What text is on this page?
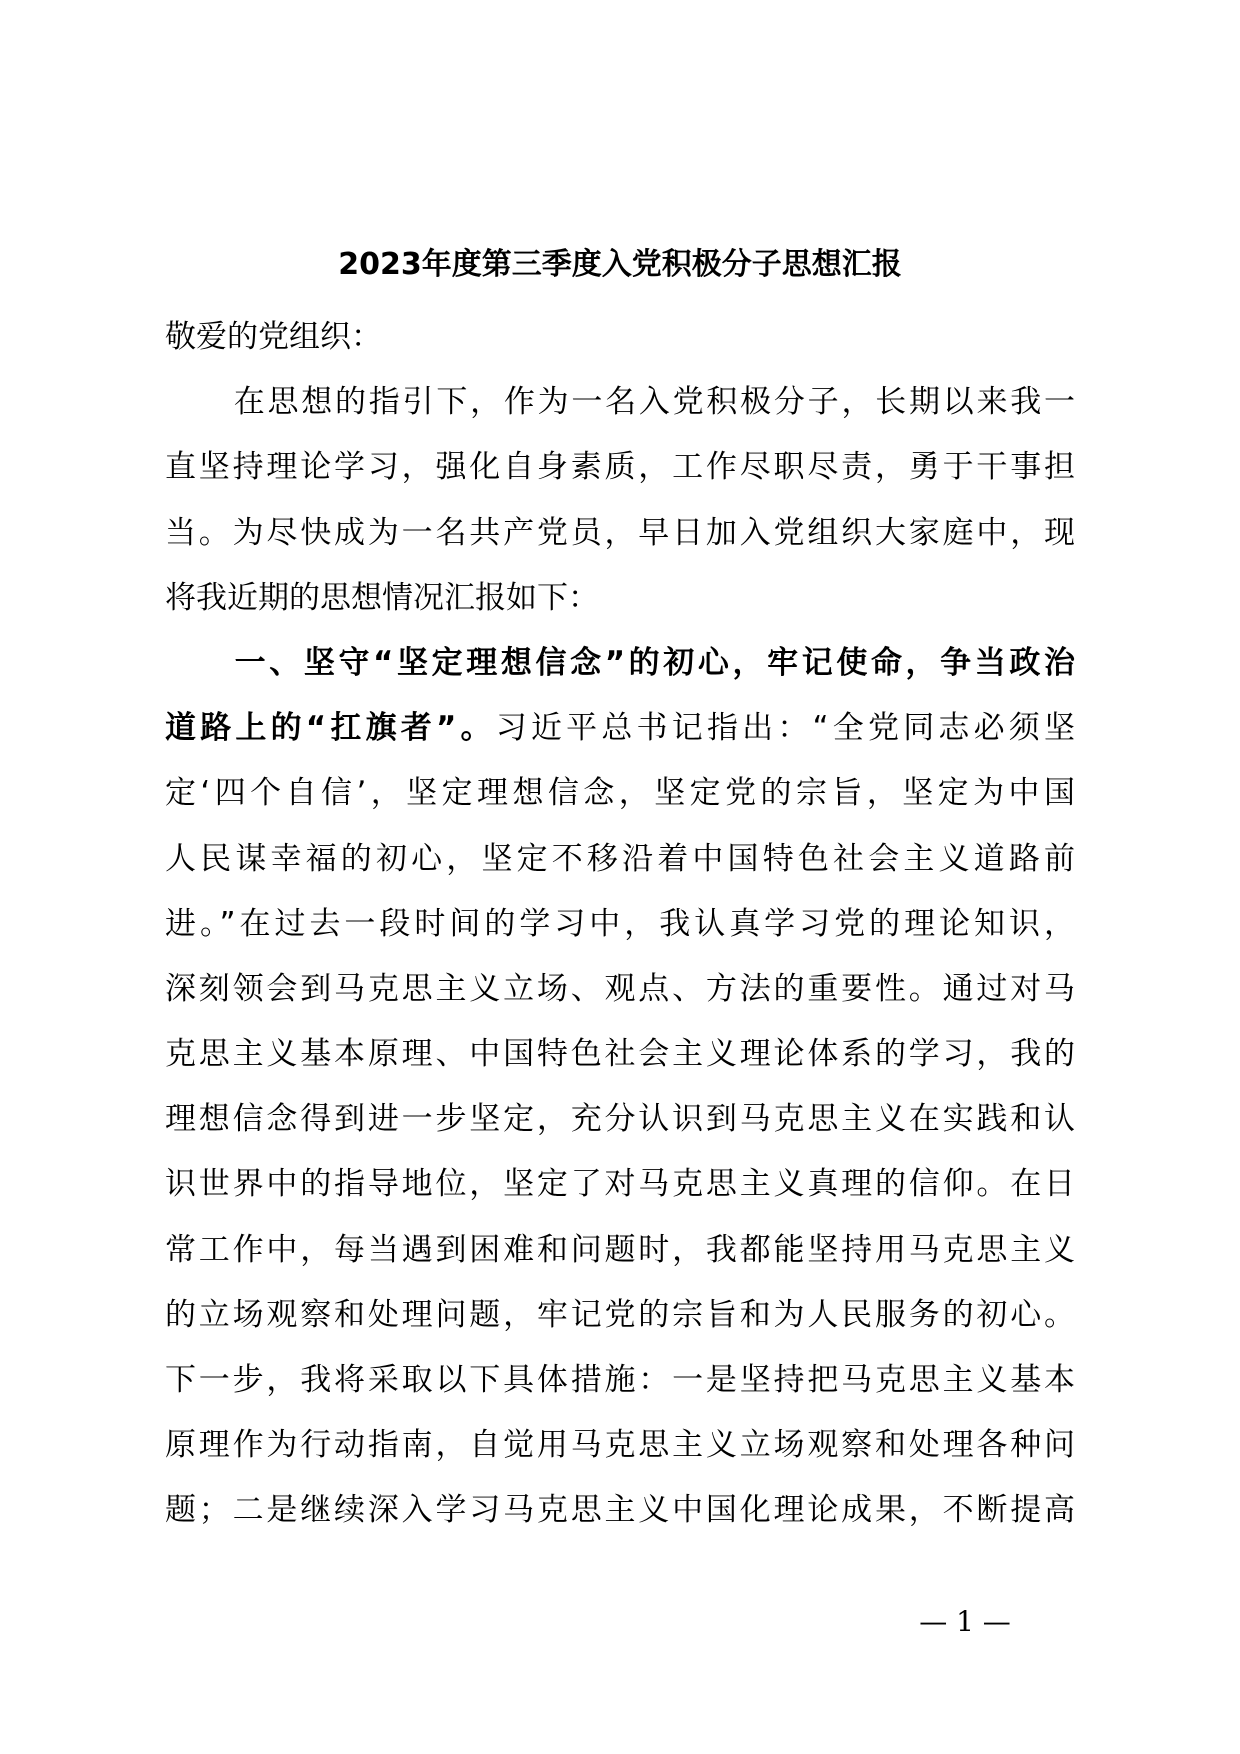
2023年度第三季度入党积极分子思想汇报
敬爱的党组织：
在思想的指引下，作为一名入党积极分子，长期以来我一
直坚持理论学习，强化自身素质，工作尽职尽责，勇于干事担
当。为尽快成为一名共产党员，早日加入党组织大家庭中，现
将我近期的思想情况汇报如下：
一、坚守“坚定理想信念”的初心，牢记使命，争当政治
道路上的“扛旗者”。习近平总书记指出：“全党同志必须坚
定‘四个自信’，坚定理想信念，坚定党的宗旨，坚定为中国
人民谋幸福的初心，坚定不移沿着中国特色社会主义道路前
进。”在过去一段时间的学习中，我认真学习党的理论知识，
深刻领会到马克思主义立场、观点、方法的重要性。通过对马
克思主义基本原理、中国特色社会主义理论体系的学习，我的
理想信念得到进一步坚定，充分认识到马克思主义在实践和认
识世界中的指导地位，坚定了对马克思主义真理的信仰。在日
常工作中，每当遇到困难和问题时，我都能坚持用马克思主义
的立场观察和处理问题，牢记党的宗旨和为人民服务的初心。
下一步，我将采取以下具体措施：一是坚持把马克思主义基本
原理作为行动指南，自觉用马克思主义立场观察和处理各种问
题；二是继续深入学习马克思主义中国化理论成果，不断提高
— 1 —
